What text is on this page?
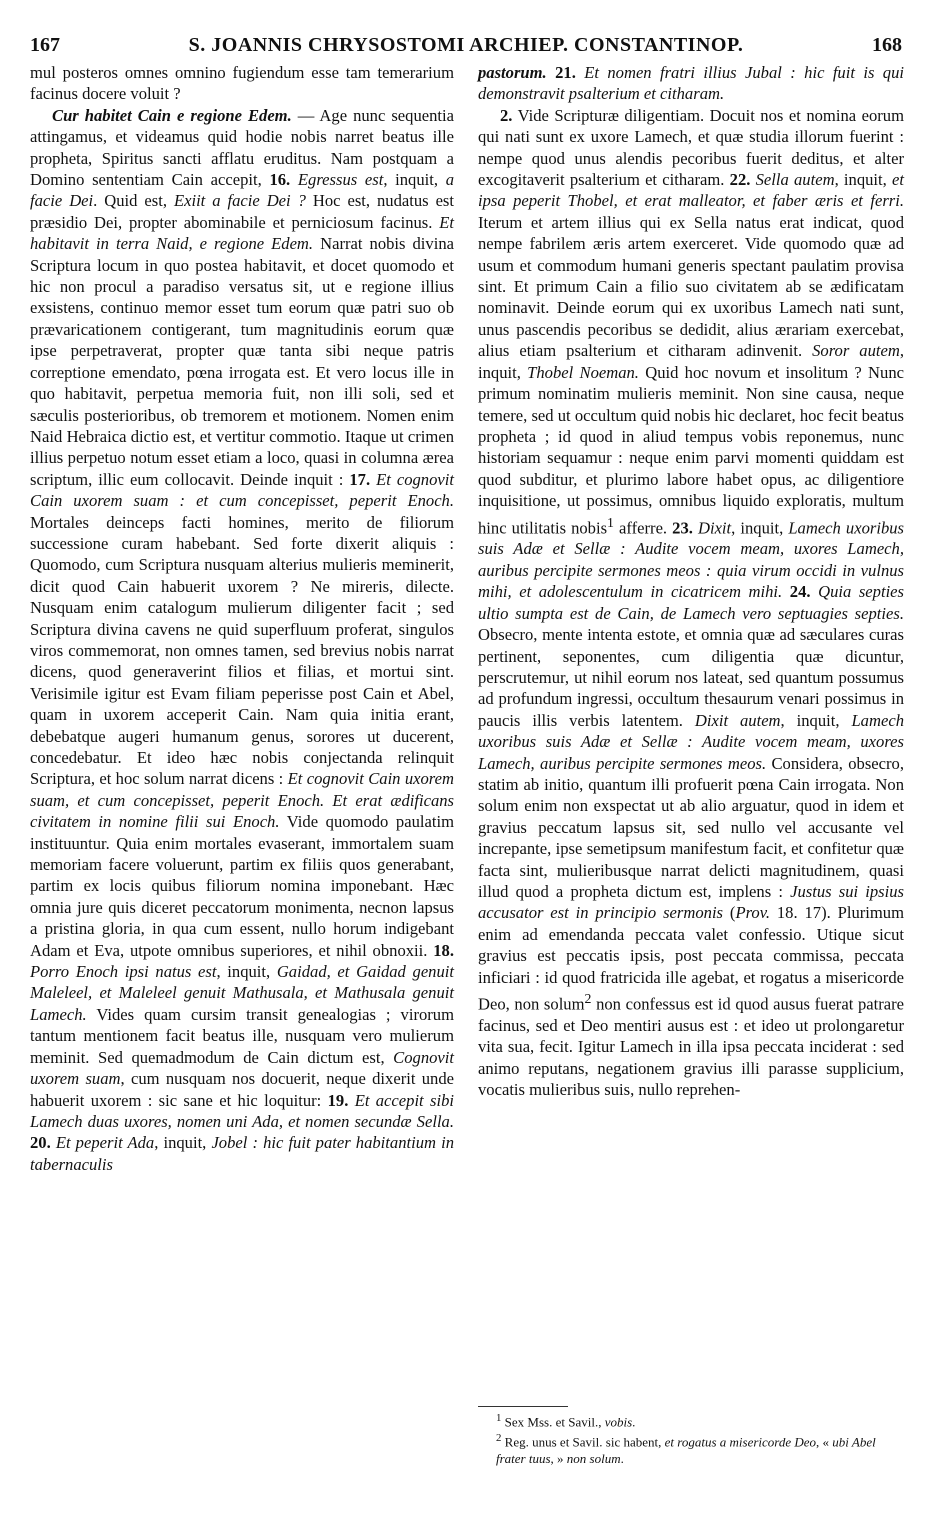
167	S. JOANNIS CHRYSOSTOMI ARCHIEP. CONSTANTINOP.	168

mul posteros omnes omnino fugiendum esse tam temerarium facinus docere voluit ?

Cur habitet Cain e regione Edem. — Age nunc sequentia attingamus, et videamus quid hodie nobis narret beatus ille propheta, Spiritus sancti afflatu eruditus. Nam postquam a Domino sententiam Cain accepit, 16. Egressus est, inquit, a facie Dei. Quid est, Exiit a facie Dei ? Hoc est, nudatus est præsidio Dei, propter abominabile et perniciosum facinus. Et habitavit in terra Naid, e regione Edem. Narrat nobis divina Scriptura locum in quo postea habitavit, et docet quomodo et hic non procul a paradiso versatus sit, ut e regione illius exsistens, continuo memor esset tum eorum quæ patri suo ob prævaricationem contigerant, tum magnitudinis eorum quæ ipse perpetraverat, propter quæ tanta sibi neque patris correptione emendato, pœna irrogata est. Et vero locus ille in quo habitavit, perpetua memoria fuit, non illi soli, sed et sæculis posterioribus, ob tremorem et motionem. Nomen enim Naid Hebraica dictio est, et vertitur commotio. Itaque ut crimen illius perpetuo notum esset etiam a loco, quasi in columna ærea scriptum, illic eum collocavit. Deinde inquit : 17. Et cognovit Cain uxorem suam : et cum concepisset, peperit Enoch. Mortales deinceps facti homines, merito de filiorum successione curam habebant. Sed forte dixerit aliquis : Quomodo, cum Scriptura nusquam alterius mulieris meminerit, dicit quod Cain habuerit uxorem ? Ne mireris, dilecte. Nusquam enim catalogum mulierum diligenter facit ; sed Scriptura divina cavens ne quid superfluum proferat, singulos viros commemorat, non omnes tamen, sed brevius nobis narrat dicens, quod generaverint filios et filias, et mortui sint. Verisimile igitur est Evam filiam peperisse post Cain et Abel, quam in uxorem acceperit Cain. Nam quia initia erant, debebatque augeri humanum genus, sorores ut ducerent, concedebatur. Et ideo hæc nobis conjectanda relinquit Scriptura, et hoc solum narrat dicens : Et cognovit Cain uxorem suam, et cum concepisset, peperit Enoch. Et erat ædificans civitatem in nomine filii sui Enoch. Vide quomodo paulatim instituuntur. Quia enim mortales evaserant, immortalem suam memoriam facere voluerunt, partim ex filiis quos generabant, partim ex locis quibus filiorum nomina imponebant. Hæc omnia jure quis diceret peccatorum monimenta, necnon lapsus a pristina gloria, in qua cum essent, nullo horum indigebant Adam et Eva, utpote omnibus superiores, et nihil obnoxii. 18. Porro Enoch ipsi natus est, inquit, Gaidad, et Gaidad genuit Maleleel, et Maleleel genuit Mathusala, et Mathusala genuit Lamech. Vides quam cursim transit genealogias ; virorum tantum mentionem facit beatus ille, nusquam vero mulierum meminit. Sed quemadmodum de Cain dictum est, Cognovit uxorem suam, cum nusquam nos docuerit, neque dixerit unde habuerit uxorem : sic sane et hic loquitur: 19. Et accepit sibi Lamech duas uxores, nomen uni Ada, et nomen secundæ Sella. 20. Et peperit Ada, inquit, Jobel : hic fuit pater habitantium in tabernaculis

pastorum. 21. Et nomen fratri illius Jubal : hic fuit is qui demonstravit psalterium et citharam.

2. Vide Scripturæ diligentiam. Docuit nos et nomina eorum qui nati sunt ex uxore Lamech, et quæ studia illorum fuerint : nempe quod unus alendis pecoribus fuerit deditus, et alter excogitaverit psalterium et citharam. 22. Sella autem, inquit, et ipsa peperit Thobel, et erat malleator, et faber æris et ferri. Iterum et artem illius qui ex Sella natus erat indicat, quod nempe fabrilem æris artem exerceret. Vide quomodo quæ ad usum et commodum humani generis spectant paulatim provisa sint. Et primum Cain a filio suo civitatem ab se ædificatam nominavit. Deinde eorum qui ex uxoribus Lamech nati sunt, unus pascendis pecoribus se dedidit, alius ærariam exercebat, alius etiam psalterium et citharam adinvenit. Soror autem, inquit, Thobel Noeman. Quid hoc novum et insolitum ? Nunc primum nominatim mulieris meminit. Non sine causa, neque temere, sed ut occultum quid nobis hic declaret, hoc fecit beatus propheta ; id quod in aliud tempus vobis reponemus, nunc historiam sequamur : neque enim parvi momenti quiddam est quod subditur, et plurimo labore habet opus, ac diligentiore inquisitione, ut possimus, omnibus liquido exploratis, multum hinc utilitatis nobis$^1$ afferre. 23. Dixit, inquit, Lamech uxoribus suis Adæ et Sellæ : Audite vocem meam, uxores Lamech, auribus percipite sermones meos : quia virum occidi in vulnus mihi, et adolescentulum in cicatricem mihi. 24. Quia septies ultio sumpta est de Cain, de Lamech vero septuagies septies. Obsecro, mente intenta estote, et omnia quæ ad sæculares curas pertinent, seponentes, cum diligentia quæ dicuntur, perscrutemur, ut nihil eorum nos lateat, sed quantum possumus ad profundum ingressi, occultum thesaurum venari possimus in paucis illis verbis latentem. Dixit autem, inquit, Lamech uxoribus suis Adæ et Sellæ : Audite vocem meam, uxores Lamech, auribus percipite sermones meos. Considera, obsecro, statim ab initio, quantum illi profuerit pœna Cain irrogata. Non solum enim non exspectat ut ab alio arguatur, quod in idem et gravius peccatum lapsus sit, sed nullo vel accusante vel increpante, ipse semetipsum manifestum facit, et confitetur quæ facta sint, mulieribusque narrat delicti magnitudinem, quasi illud quod a propheta dictum est, implens : Justus sui ipsius accusator est in principio sermonis (Prov. 18. 17). Plurimum enim ad emendanda peccata valet confessio. Utique sicut gravius est peccatis ipsis, post peccata commissa, peccata inficiari : id quod fratricida ille agebat, et rogatus a misericorde Deo, non solum$^2$ non confessus est id quod ausus fuerat patrare facinus, sed et Deo mentiri ausus est : et ideo ut prolongaretur vita sua, fecit. Igitur Lamech in illa ipsa peccata inciderat : sed animo reputans, negationem gravius illi parasse supplicium, vocatis mulieribus suis, nullo reprehen-

$^1$ Sex Mss. et Savil., vobis.
$^2$ Reg. unus et Savil. sic habent, et rogatus a misericorde Deo, « ubi Abel frater tuus, » non solum.
